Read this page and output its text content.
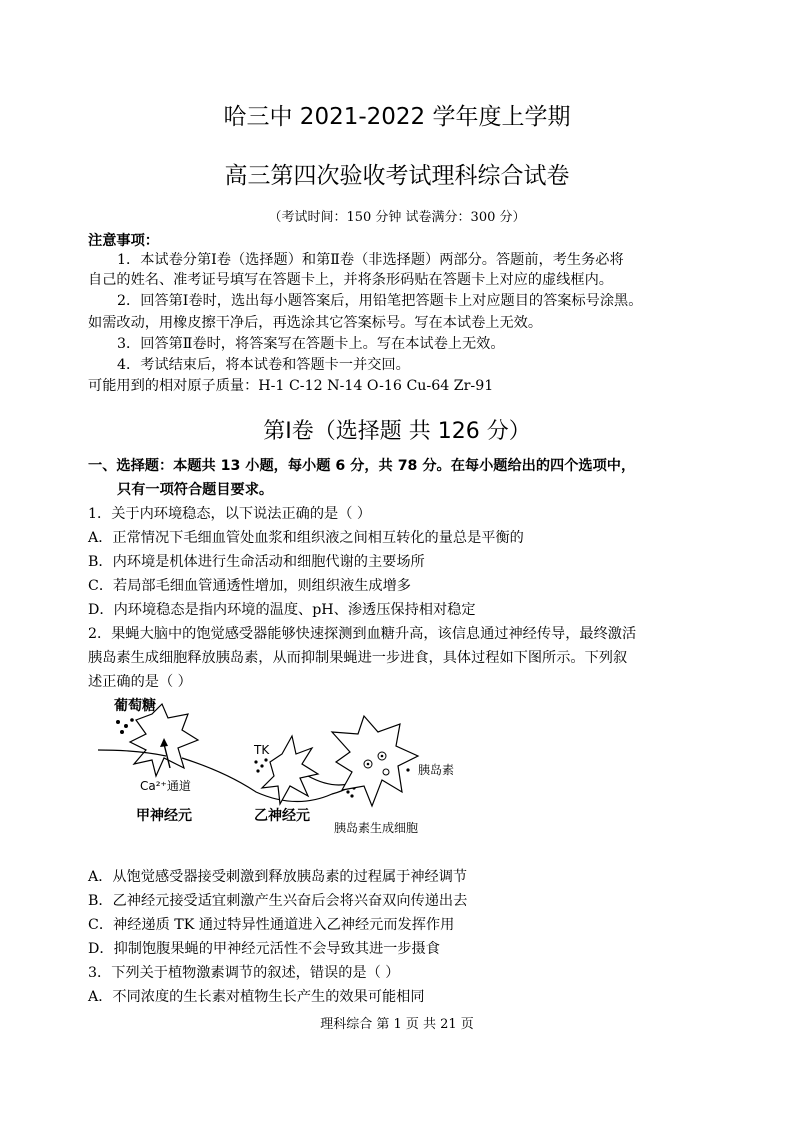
哈三中 2021-2022 学年度上学期
高三第四次验收考试理科综合试卷
（考试时间：150 分钟 试卷满分：300 分）
注意事项：
1．本试卷分第Ⅰ卷（选择题）和第Ⅱ卷（非选择题）两部分。答题前，考生务必将
自己的姓名、准考证号填写在答题卡上，并将条形码贴在答题卡上对应的虚线框内。
2．回答第Ⅰ卷时，选出每小题答案后，用铅笔把答题卡上对应题目的答案标号涂黑。
如需改动，用橡皮擦干净后，再选涂其它答案标号。写在本试卷上无效。
3．回答第Ⅱ卷时，将答案写在答题卡上。写在本试卷上无效。
4．考试结束后，将本试卷和答题卡一并交回。
可能用到的相对原子质量：H-1 C-12 N-14 O-16 Cu-64 Zr-91
第Ⅰ卷（选择题 共 126 分）
一、选择题：本题共 13 小题，每小题 6 分，共 78 分。在每小题给出的四个选项中，
只有一项符合题目要求。
1．关于内环境稳态，以下说法正确的是（ ）
A．正常情况下毛细血管处血浆和组织液之间相互转化的量总是平衡的
B．内环境是机体进行生命活动和细胞代谢的主要场所
C．若局部毛细血管通透性增加，则组织液生成增多
D．内环境稳态是指内环境的温度、pH、渗透压保持相对稳定
2．果蝇大脑中的饱觉感受器能够快速探测到血糖升高，该信息通过神经传导，最终激活
胰岛素生成细胞释放胰岛素，从而抑制果蝇进一步进食，具体过程如下图所示。下列叙
述正确的是（ ）
葡萄糖
Ca²⁺通道
甲神经元
TK
乙神经元
胰岛素
胰岛素生成细胞
A．从饱觉感受器接受刺激到释放胰岛素的过程属于神经调节
B．乙神经元接受适宜刺激产生兴奋后会将兴奋双向传递出去
C．神经递质 TK 通过特异性通道进入乙神经元而发挥作用
D．抑制饱腹果蝇的甲神经元活性不会导致其进一步摄食
3．下列关于植物激素调节的叙述，错误的是（ ）
A．不同浓度的生长素对植物生长产生的效果可能相同
理科综合 第 1 页 共 21 页
